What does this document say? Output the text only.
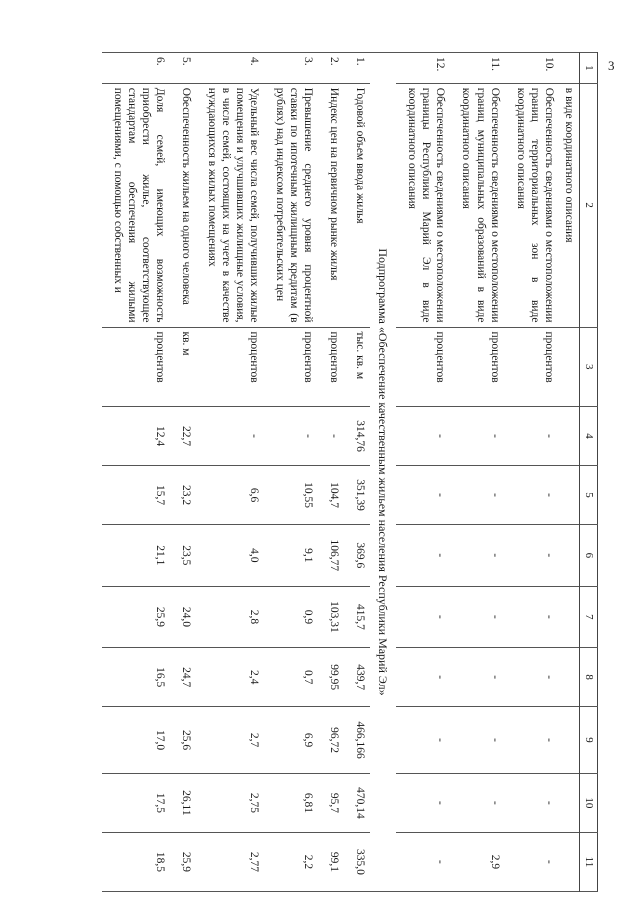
3
1	2	3	4	5	6	7	8	9	10	11
	в виде координатного описания									
10.	Обеспеченность сведениями о местоположении границ территориальных зон в виде координатного описания	процентов	-	-	-	-	-	-	-	-

11.	Обеспеченность сведениями о местоположении границ муниципальных образований в виде координатного описания	процентов	-	-	-	-	-	-	-	2,9

12.	Обеспеченность сведениями о местоположении границы Республики Марий Эл в виде координатного описания	процентов	-	-	-	-	-	-	-	-

Подпрограмма «Обеспечение качественным жильем населения Республики Марий Эл»										
1.	Годовой объем ввода жилья	тыс. кв. м	314,76	351,39	369,6	415,7	439,7	466,166	470,14	335,0

2.	Индекс цен на первичном рынке жилья	процентов	-	104,7	106,77	103,31	99,95	96,72	95,7	99,1

3.	Превышение среднего уровня процентной ставки по ипотечным жилищным кредитам (в рублях) над индексом потребительских цен	процентов	-	10,55	9,1	0,9	0,7	6,9	6,81	2,2

4.	Удельный вес числа семей, получивших жилые помещения и улучшивших жилищные условия, в числе семей, состоящих на учете в качестве нуждающихся в жилых помещениях	процентов	-	6,6	4,0	2,8	2,4	2,7	2,75	2,77

5.	Обеспеченность жильем на одного человека	кв. м	22,7	23,2	23,5	24,0	24,7	25,6	26,11	25,9

6.	Доля семей, имеющих возможность приобрести жилье, соответствующее стандартам обеспечения жилыми помещениями, с помощью собственных и	процентов	12,4	15,7	21,1	25,9	16,5	17,0	17,5	18,5
